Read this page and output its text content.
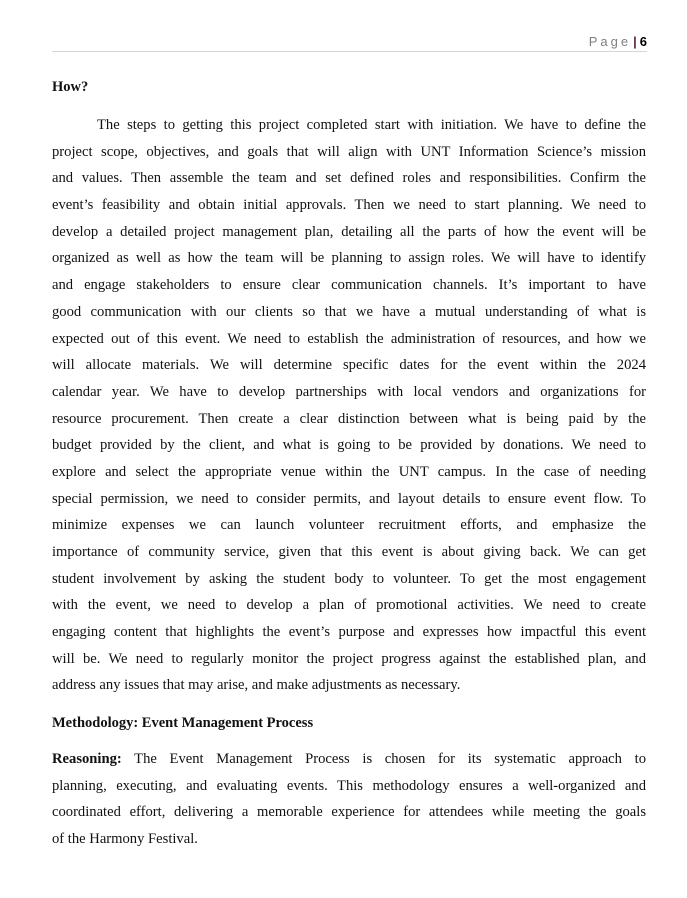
Page | 6
How?
The steps to getting this project completed start with initiation. We have to define the
project scope, objectives, and goals that will align with UNT Information Science’s mission
and values. Then assemble the team and set defined roles and responsibilities. Confirm the
event’s feasibility and obtain initial approvals. Then we need to start planning. We need to
develop a detailed project management plan, detailing all the parts of how the event will be
organized as well as how the team will be planning to assign roles. We will have to identify
and engage stakeholders to ensure clear communication channels. It’s important to have
good communication with our clients so that we have a mutual understanding of what is
expected out of this event. We need to establish the administration of resources, and how we
will allocate materials. We will determine specific dates for the event within the 2024
calendar year. We have to develop partnerships with local vendors and organizations for
resource procurement. Then create a clear distinction between what is being paid by the
budget provided by the client, and what is going to be provided by donations. We need to
explore and select the appropriate venue within the UNT campus. In the case of needing
special permission, we need to consider permits, and layout details to ensure event flow. To
minimize expenses we can launch volunteer recruitment efforts, and emphasize the
importance of community service, given that this event is about giving back. We can get
student involvement by asking the student body to volunteer. To get the most engagement
with the event, we need to develop a plan of promotional activities. We need to create
engaging content that highlights the event’s purpose and expresses how impactful this event
will be. We need to regularly monitor the project progress against the established plan, and
address any issues that may arise, and make adjustments as necessary.
Methodology: Event Management Process
Reasoning: The Event Management Process is chosen for its systematic approach to
planning, executing, and evaluating events. This methodology ensures a well-organized and
coordinated effort, delivering a memorable experience for attendees while meeting the goals
of the Harmony Festival.
